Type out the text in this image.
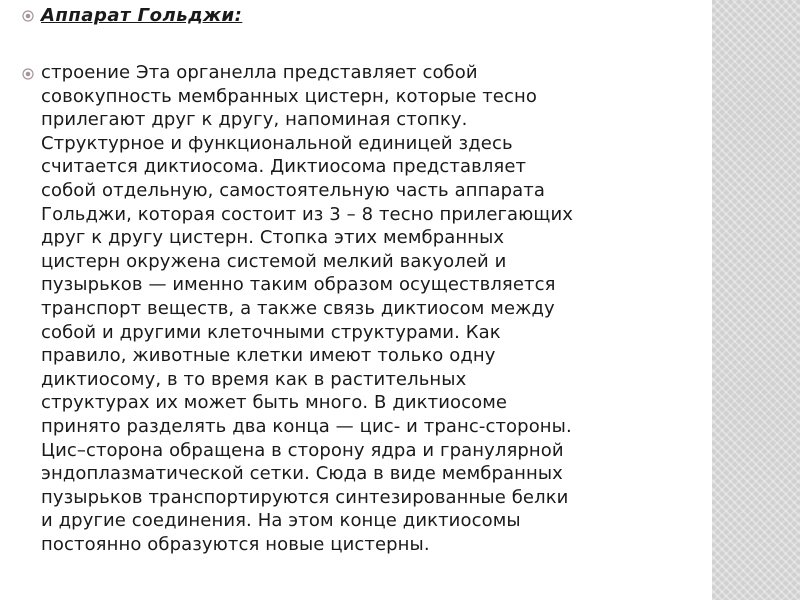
Аппарат Гольджи:

строение Эта органелла представляет собой
совокупность мембранных цистерн, которые тесно
прилегают друг к другу, напоминая стопку.
Структурное и функциональной единицей здесь
считается диктиосома. Диктиосома представляет
собой отдельную, самостоятельную часть аппарата
Гольджи, которая состоит из 3 – 8 тесно прилегающих
друг к другу цистерн. Стопка этих мембранных
цистерн окружена системой мелкий вакуолей и
пузырьков — именно таким образом осуществляется
транспорт веществ, а также связь диктиосом между
собой и другими клеточными структурами. Как
правило, животные клетки имеют только одну
диктиосому, в то время как в растительных
структурах их может быть много. В диктиосоме
принято разделять два конца — цис- и транс-стороны.
Цис–сторона обращена в сторону ядра и гранулярной
эндоплазматической сетки. Сюда в виде мембранных
пузырьков транспортируются синтезированные белки
и другие соединения. На этом конце диктиосомы
постоянно образуются новые цистерны.
